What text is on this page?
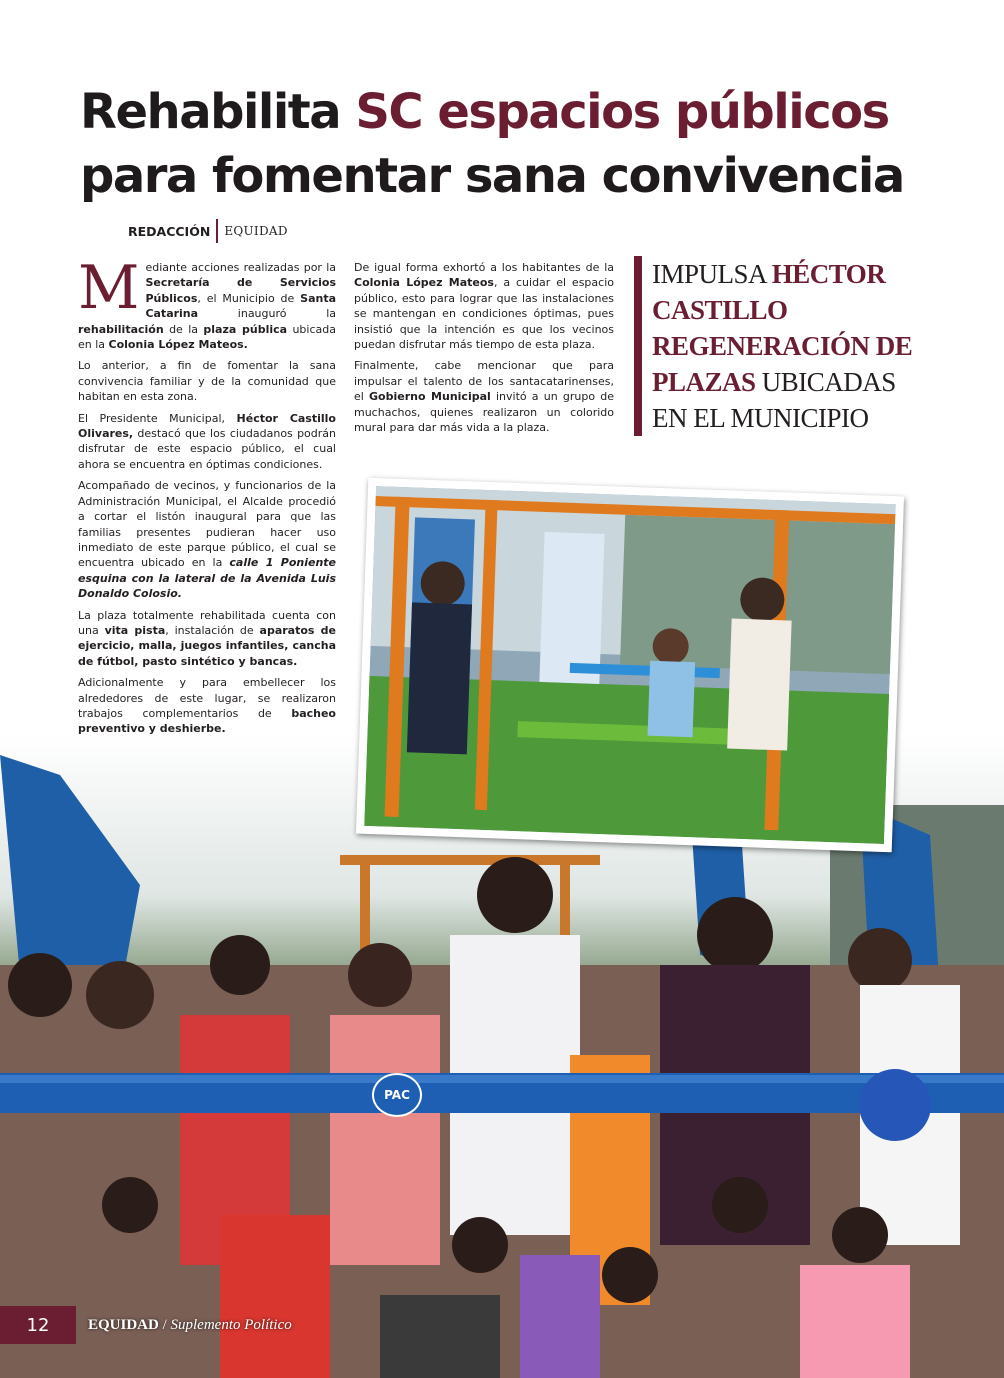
Rehabilita SC espacios públicos
para fomentar sana convivencia
REDACCIÓN EQUIDAD

Mediante acciones realizadas por la Secretaría de Servicios Públicos, el Municipio de Santa Catarina inauguró la rehabilitación de la plaza pública ubicada en la Colonia López Mateos.

Lo anterior, a fin de fomentar la sana convivencia familiar y de la comunidad que habitan en esta zona.

El Presidente Municipal, Héctor Castillo Olivares, destacó que los ciudadanos podrán disfrutar de este espacio público, el cual ahora se encuentra en óptimas condiciones.

Acompañado de vecinos, y funcionarios de la Administración Municipal, el Alcalde procedió a cortar el listón inaugural para que las familias presentes pudieran hacer uso inmediato de este parque público, el cual se encuentra ubicado en la calle 1 Poniente esquina con la lateral de la Avenida Luis Donaldo Colosio.

La plaza totalmente rehabilitada cuenta con una vita pista, instalación de aparatos de ejercicio, malla, juegos infantiles, cancha de fútbol, pasto sintético y bancas.

Adicionalmente y para embellecer los alrededores de este lugar, se realizaron trabajos complementarios de bacheo preventivo y deshierbe.

De igual forma exhortó a los habitantes de la Colonia López Mateos, a cuidar el espacio público, esto para lograr que las instalaciones se mantengan en condiciones óptimas, pues insistió que la intención es que los vecinos puedan disfrutar más tiempo de esta plaza.

Finalmente, cabe mencionar que para impulsar el talento de los santacatarinenses, el Gobierno Municipal invitó a un grupo de muchachos, quienes realizaron un colorido mural para dar más vida a la plaza.

IMPULSA HÉCTOR CASTILLO REGENERACIÓN DE PLAZAS UBICADAS EN EL MUNICIPIO
PAC
12	EQUIDAD / Suplemento Político
